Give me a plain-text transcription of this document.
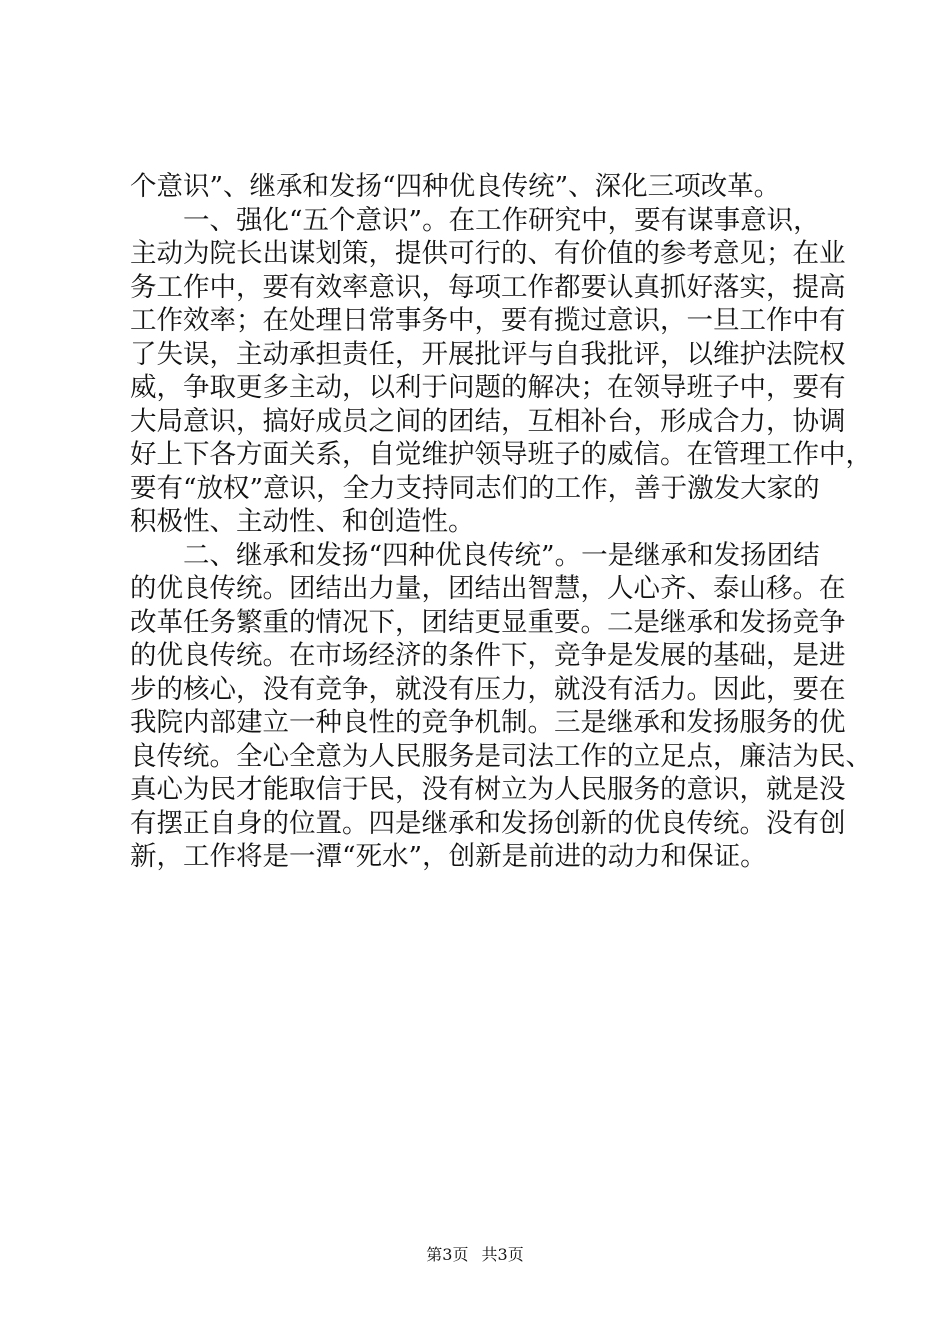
个意识”、继承和发扬“四种优良传统”、深化三项改革。
一、强化“五个意识”。在工作研究中，要有谋事意识，
主动为院长出谋划策，提供可行的、有价值的参考意见；在业
务工作中，要有效率意识，每项工作都要认真抓好落实，提高
工作效率；在处理日常事务中，要有揽过意识，一旦工作中有
了失误，主动承担责任，开展批评与自我批评，以维护法院权
威，争取更多主动，以利于问题的解决；在领导班子中，要有
大局意识，搞好成员之间的团结，互相补台，形成合力，协调
好上下各方面关系，自觉维护领导班子的威信。在管理工作中，
要有“放权”意识，全力支持同志们的工作，善于激发大家的
积极性、主动性、和创造性。
二、继承和发扬“四种优良传统”。一是继承和发扬团结
的优良传统。团结出力量，团结出智慧，人心齐、泰山移。在
改革任务繁重的情况下，团结更显重要。二是继承和发扬竞争
的优良传统。在市场经济的条件下，竞争是发展的基础，是进
步的核心，没有竞争，就没有压力，就没有活力。因此，要在
我院内部建立一种良性的竞争机制。三是继承和发扬服务的优
良传统。全心全意为人民服务是司法工作的立足点，廉洁为民、
真心为民才能取信于民，没有树立为人民服务的意识，就是没
有摆正自身的位置。四是继承和发扬创新的优良传统。没有创
新，工作将是一潭“死水”，创新是前进的动力和保证。
第3页 共3页
